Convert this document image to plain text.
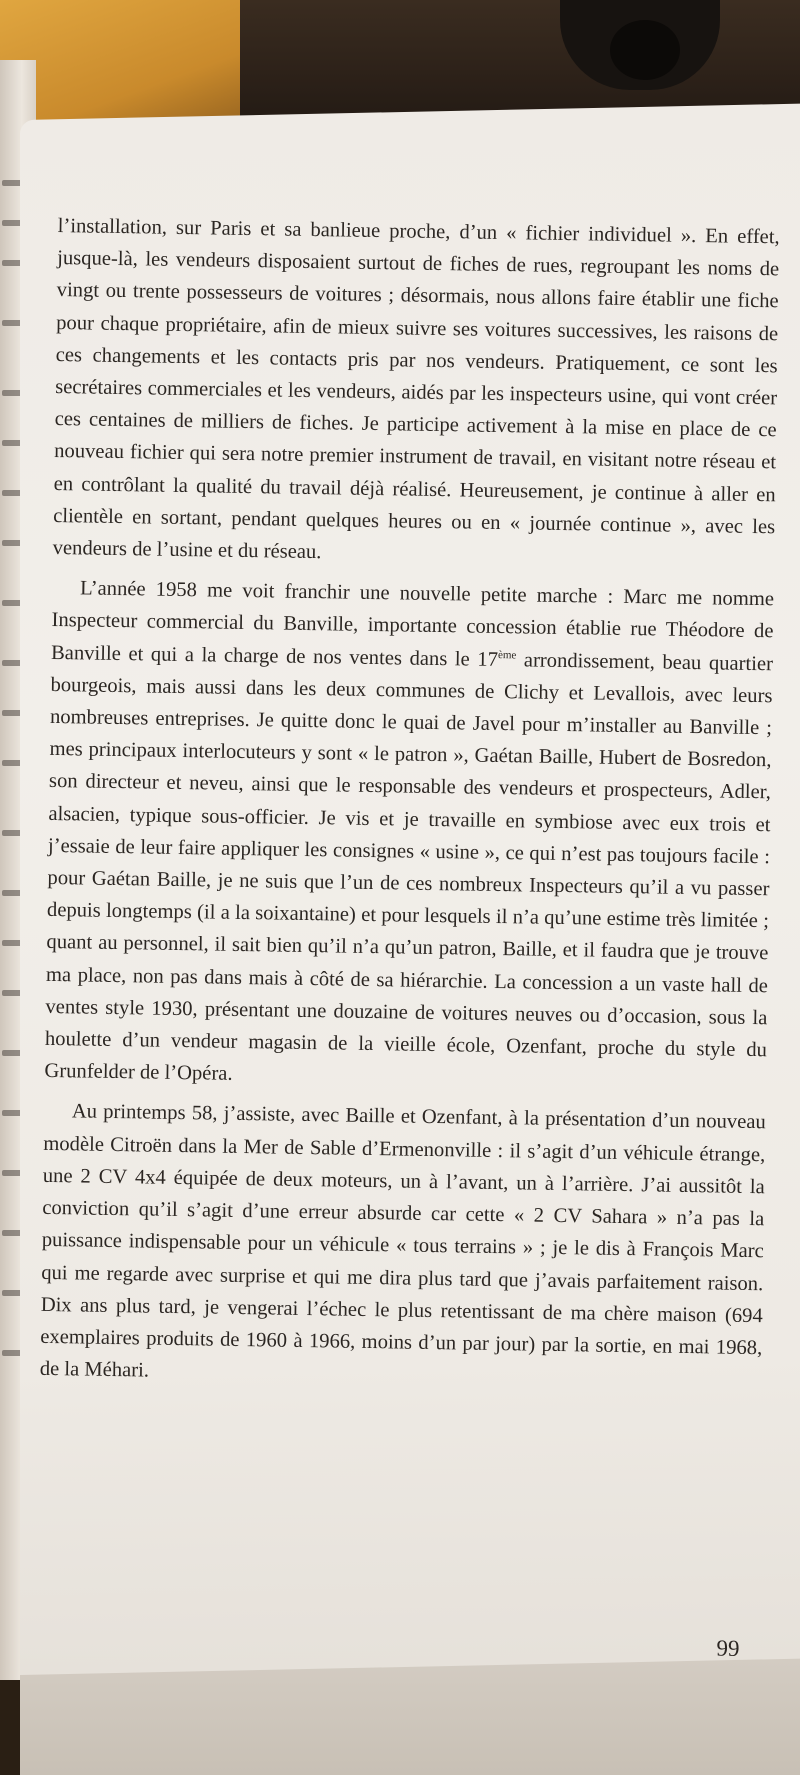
l’installation, sur Paris et sa banlieue proche, d’un « fichier individuel ». En effet, jusque-là, les vendeurs disposaient surtout de fiches de rues, regroupant les noms de vingt ou trente possesseurs de voitures ; désormais, nous allons faire établir une fiche pour chaque propriétaire, afin de mieux suivre ses voitures successives, les raisons de ces changements et les contacts pris par nos vendeurs. Pratiquement, ce sont les secrétaires commerciales et les vendeurs, aidés par les inspecteurs usine, qui vont créer ces centaines de milliers de fiches. Je participe activement à la mise en place de ce nouveau fichier qui sera notre premier instrument de travail, en visitant notre réseau et en contrôlant la qualité du travail déjà réalisé. Heureusement, je continue à aller en clientèle en sortant, pendant quelques heures ou en « journée continue », avec les vendeurs de l’usine et du réseau.

L’année 1958 me voit franchir une nouvelle petite marche : Marc me nomme Inspecteur commercial du Banville, importante concession établie rue Théodore de Banville et qui a la charge de nos ventes dans le 17ème arrondissement, beau quartier bourgeois, mais aussi dans les deux communes de Clichy et Levallois, avec leurs nombreuses entreprises. Je quitte donc le quai de Javel pour m’installer au Banville ; mes principaux interlocuteurs y sont « le patron », Gaétan Baille, Hubert de Bosredon, son directeur et neveu, ainsi que le responsable des vendeurs et prospecteurs, Adler, alsacien, typique sous-officier. Je vis et je travaille en symbiose avec eux trois et j’essaie de leur faire appliquer les consignes « usine », ce qui n’est pas toujours facile : pour Gaétan Baille, je ne suis que l’un de ces nombreux Inspecteurs qu’il a vu passer depuis longtemps (il a la soixantaine) et pour lesquels il n’a qu’une estime très limitée ; quant au personnel, il sait bien qu’il n’a qu’un patron, Baille, et il faudra que je trouve ma place, non pas dans mais à côté de sa hiérarchie. La concession a un vaste hall de ventes style 1930, présentant une douzaine de voitures neuves ou d’occasion, sous la houlette d’un vendeur magasin de la vieille école, Ozenfant, proche du style du Grunfelder de l’Opéra.

Au printemps 58, j’assiste, avec Baille et Ozenfant, à la présentation d’un nouveau modèle Citroën dans la Mer de Sable d’Ermenonville : il s’agit d’un véhicule étrange, une 2 CV 4x4 équipée de deux moteurs, un à l’avant, un à l’arrière. J’ai aussitôt la conviction qu’il s’agit d’une erreur absurde car cette « 2 CV Sahara » n’a pas la puissance indispensable pour un véhicule « tous terrains » ; je le dis à François Marc qui me regarde avec surprise et qui me dira plus tard que j’avais parfaitement raison. Dix ans plus tard, je vengerai l’échec le plus retentissant de ma chère maison (694 exemplaires produits de 1960 à 1966, moins d’un par jour) par la sortie, en mai 1968, de la Méhari.

99
